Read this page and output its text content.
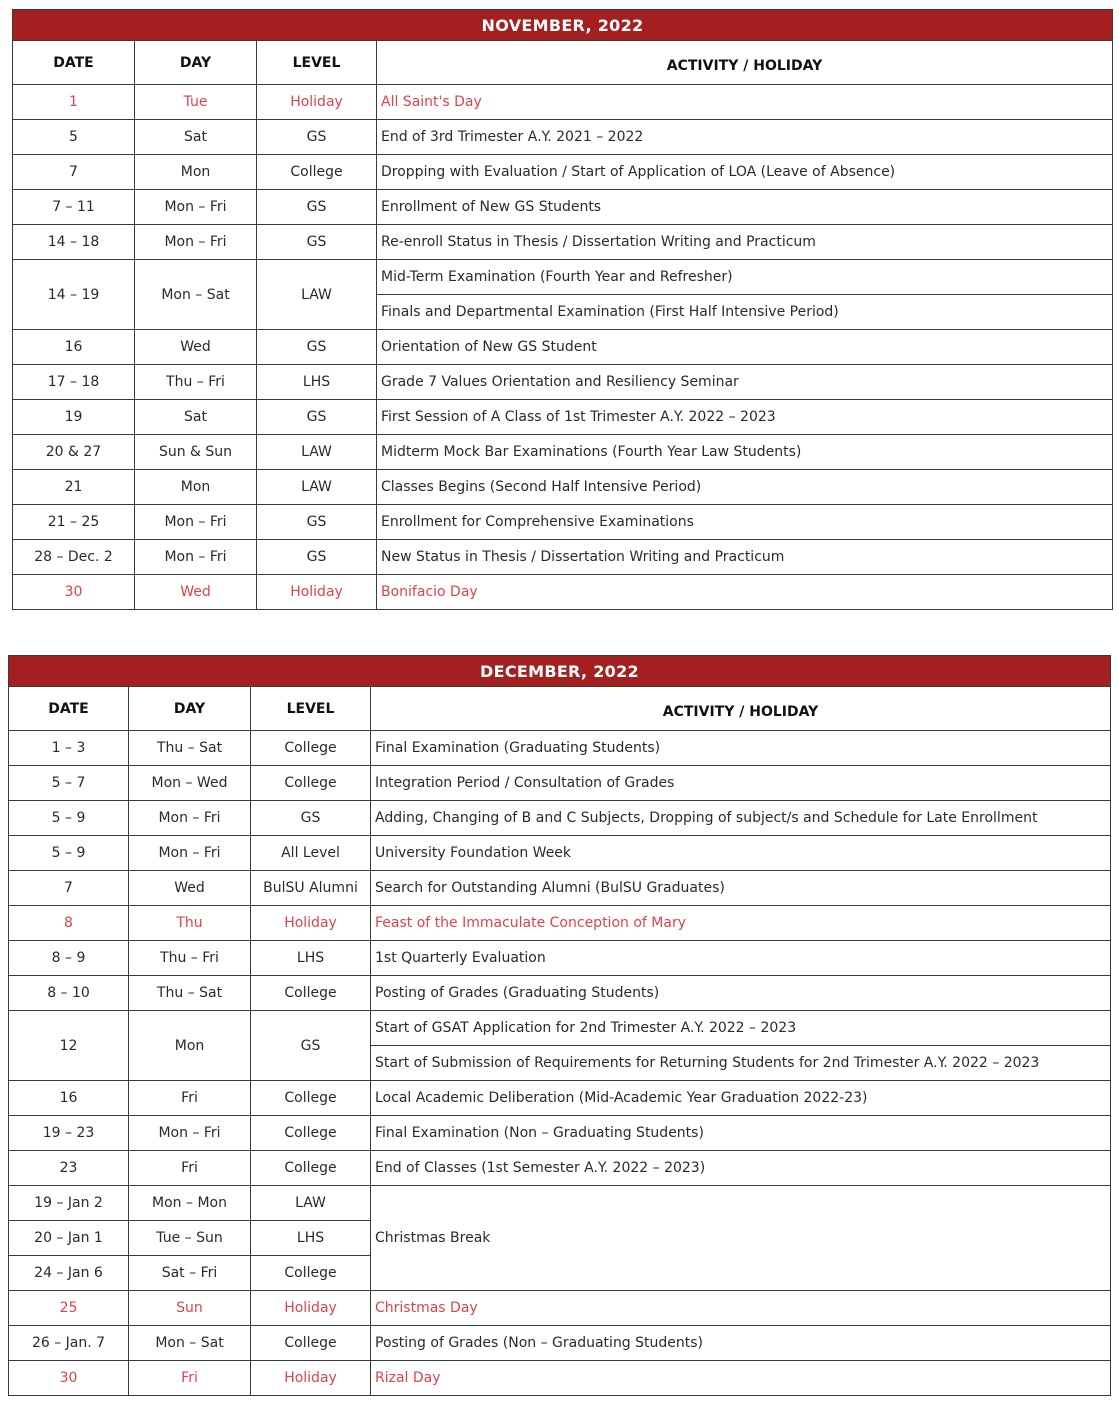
NOVEMBER, 2022			
DATE	DAY	LEVEL	ACTIVITY / HOLIDAY
1	Tue	Holiday	All Saint's Day
5	Sat	GS	End of 3rd Trimester A.Y. 2021 – 2022
7	Mon	College	Dropping with Evaluation / Start of Application of LOA (Leave of Absence)
7 – 11	Mon – Fri	GS	Enrollment of New GS Students
14 – 18	Mon – Fri	GS	Re-enroll Status in Thesis / Dissertation Writing and Practicum
14 – 19	Mon – Sat	LAW	Mid-Term Examination (Fourth Year and Refresher)
			Finals and Departmental Examination (First Half Intensive Period)
16	Wed	GS	Orientation of New GS Student
17 – 18	Thu – Fri	LHS	Grade 7 Values Orientation and Resiliency Seminar
19	Sat	GS	First Session of A Class of 1st Trimester A.Y. 2022 – 2023
20 & 27	Sun & Sun	LAW	Midterm Mock Bar Examinations (Fourth Year Law Students)
21	Mon	LAW	Classes Begins (Second Half Intensive Period)
21 – 25	Mon – Fri	GS	Enrollment for Comprehensive Examinations
28 – Dec. 2	Mon – Fri	GS	New Status in Thesis / Dissertation Writing and Practicum
30	Wed	Holiday	Bonifacio Day
DECEMBER, 2022			
DATE	DAY	LEVEL	ACTIVITY / HOLIDAY
1 – 3	Thu – Sat	College	Final Examination (Graduating Students)
5 – 7	Mon – Wed	College	Integration Period / Consultation of Grades
5 – 9	Mon – Fri	GS	Adding, Changing of B and C Subjects, Dropping of subject/s and Schedule for Late Enrollment
5 – 9	Mon – Fri	All Level	University Foundation Week
7	Wed	BulSU Alumni	Search for Outstanding Alumni (BulSU Graduates)
8	Thu	Holiday	Feast of the Immaculate Conception of Mary
8 – 9	Thu – Fri	LHS	1st Quarterly Evaluation
8 – 10	Thu – Sat	College	Posting of Grades (Graduating Students)
12	Mon	GS	Start of GSAT Application for 2nd Trimester A.Y. 2022 – 2023
			Start of Submission of Requirements for Returning Students for 2nd Trimester A.Y. 2022 – 2023
16	Fri	College	Local Academic Deliberation (Mid-Academic Year Graduation 2022-23)
19 – 23	Mon – Fri	College	Final Examination (Non – Graduating Students)
23	Fri	College	End of Classes (1st Semester A.Y. 2022 – 2023)
19 – Jan 2	Mon – Mon	LAW	Christmas Break
20 – Jan 1	Tue – Sun	LHS	
24 – Jan 6	Sat – Fri	College	
25	Sun	Holiday	Christmas Day
26 – Jan. 7	Mon – Sat	College	Posting of Grades (Non – Graduating Students)
30	Fri	Holiday	Rizal Day
